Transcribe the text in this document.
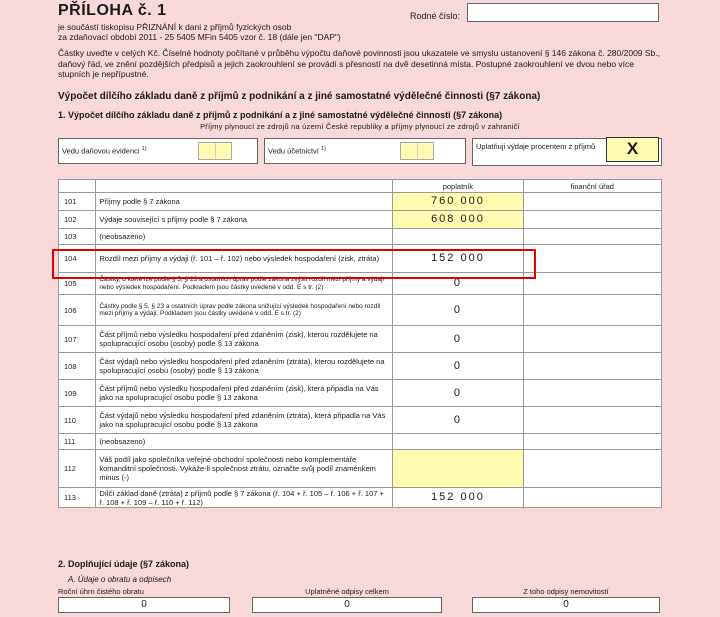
PŘÍLOHA č. 1
je součástí tiskopisu PŘIZNÁNÍ k dani z příjmů fyzických osob
za zdaňovací období 2011 - 25 5405 MFin 5405 vzor č. 18 (dále jen "DAP")
Rodné číslo:
Částky uveďte v celých Kč. Číselné hodnoty počítané v průběhu výpočtu daňové povinnosti jsou ukazatele ve smyslu ustanovení § 146 zákona č. 280/2009 Sb., daňový řád, ve znění pozdějších předpisů a jejich zaokrouhlení se provádí s přesností na dvě desetinná místa. Postupné zaokrouhlení ve dvou nebo více stupních je nepřípustné.
Výpočet dílčího základu daně z příjmů z podnikání a z jiné samostatné výdělečné činnosti (§7 zákona)
1. Výpočet dílčího základu daně z příjmů z podnikání a z jiné samostatné výdělečné činnosti (§7 zákona)
Příjmy plynoucí ze zdrojů na území České republiky a příjmy plynoucí ze zdrojů v zahraničí
Vedu daňovou evidenci $^{1)}$	Vedu účetnictví $^{1)}$	Uplatňuji výdaje procentem z příjmů	X
		poplatník	finanční úřad
101	Příjmy podle § 7 zákona	760 000	
102	Výdaje související s příjmy podle § 7 zákona	608 000	
103	(neobsazeno)		
104	Rozdíl mezi příjmy a výdaji (ř. 101 – ř. 102) nebo výsledek hospodaření (zisk, ztráta)	152 000	
105	Částky, o které lze podle § 5, § 23 a ostatních úprav podle zákona zvýšit rozdíl mezi příjmy a výdaji nebo výsledek hospodaření. Podkladem jsou částky uvedené v odd. E s tr. (2)	0	
106	Částky podle § 5, § 23 a ostatních úprav podle zákona snižující výsledek hospodaření nebo rozdíl mezi příjmy a výdaji. Podkladem jsou částky uvedené v odd. E s tr. (2)	0	
107	Část příjmů nebo výsledku hospodaření před zdaněním (zisk), kterou rozdělujete na spolupracující osobu (osoby) podle § 13 zákona	0	
108	Část výdajů nebo výsledku hospodaření před zdaněním (ztráta), kterou rozdělujete na spolupracující osobu (osoby) podle § 13 zákona	0	
109	Část příjmů nebo výsledku hospodaření před zdaněním (zisk), která připadla na Vás jako na spolupracující osobu podle § 13 zákona	0	
110	Část výdajů nebo výsledku hospodaření před zdaněním (ztráta), která připadla na Vás jako na spolupracující osobu podle § 13 zákona	0	
111	(neobsazeno)		
112	Váš podíl jako společníka veřejné obchodní společnosti nebo komplementáře komanditní společnosti. Vykáže-li společnost ztrátu, označte svůj podíl znaménkem minus (-)		
113	Dílčí základ daně (ztráta) z příjmů podle § 7 zákona (ř. 104 + ř. 105 – ř. 106 + ř. 107 + ř. 108 + ř. 109 – ř. 110 + ř. 112)	152 000	
2. Doplňující údaje (§7 zákona)
A. Údaje o obratu a odpisech
Roční úhrn čistého obratu
0
Uplatněné odpisy celkem
0
Z toho odpisy nemovitostí
0
